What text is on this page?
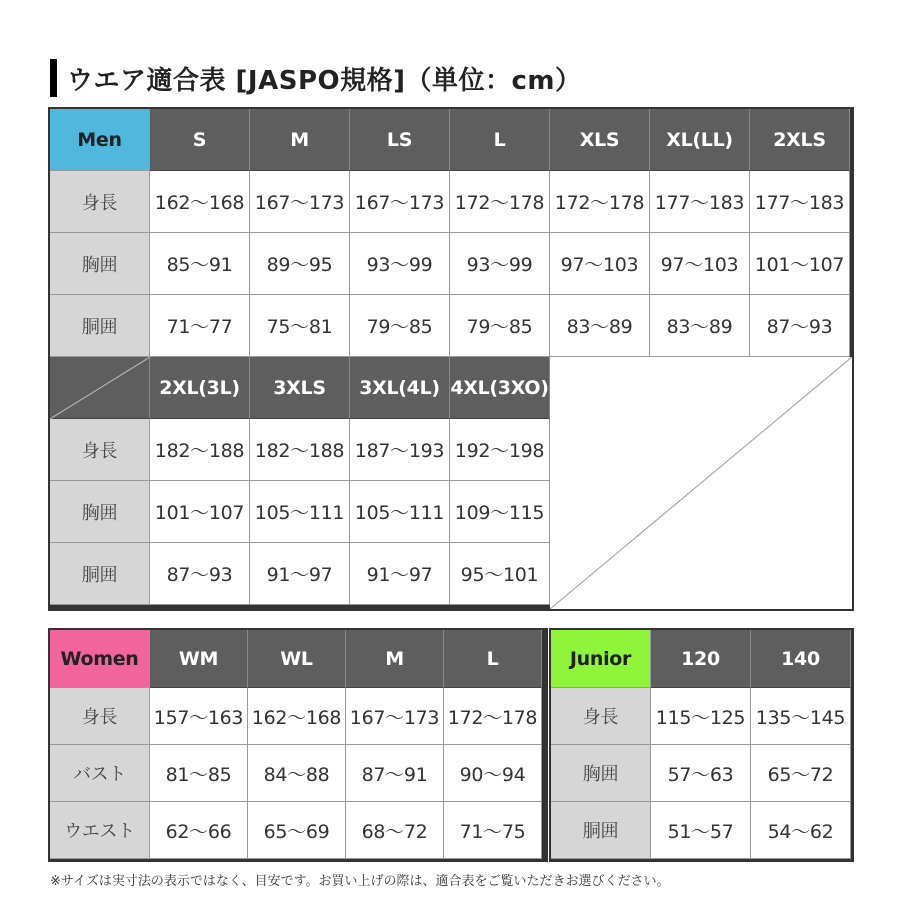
ウエア適合表 [JASPO規格]（単位：cm）
Men	S	M	LS	L	XLS	XL(LL)	2XLS
身長	162～168 167～173 167～173 172～178 172～178 177～183 177～183
胸囲	85～91	89～95	93～99	93～99	97～103	97～103 101～107
胴囲	71～77	75～81	79～85	79～85	83～89	83～89	87～93
2XL(3L)	3XLS	3XL(4L) 4XL(3XO)
身長	182～188 182～188 187～193 192～198
胸囲	101～107 105～111 105～111 109～115
胴囲	87～93	91～97	91～97	95～101
Women	WM	WL	M	L
身長	157～163 162～168 167～173 172～178
バスト	81～85	84～88	87～91	90～94
ウエスト	62～66	65～69	68～72	71～75
Junior	120	140
身長	115～125 135～145
胸囲	57～63	65～72
胴囲	51～57	54～62
※サイズは実寸法の表示ではなく、目安です。お買い上げの際は、適合表をご覧いただきお選びください。
